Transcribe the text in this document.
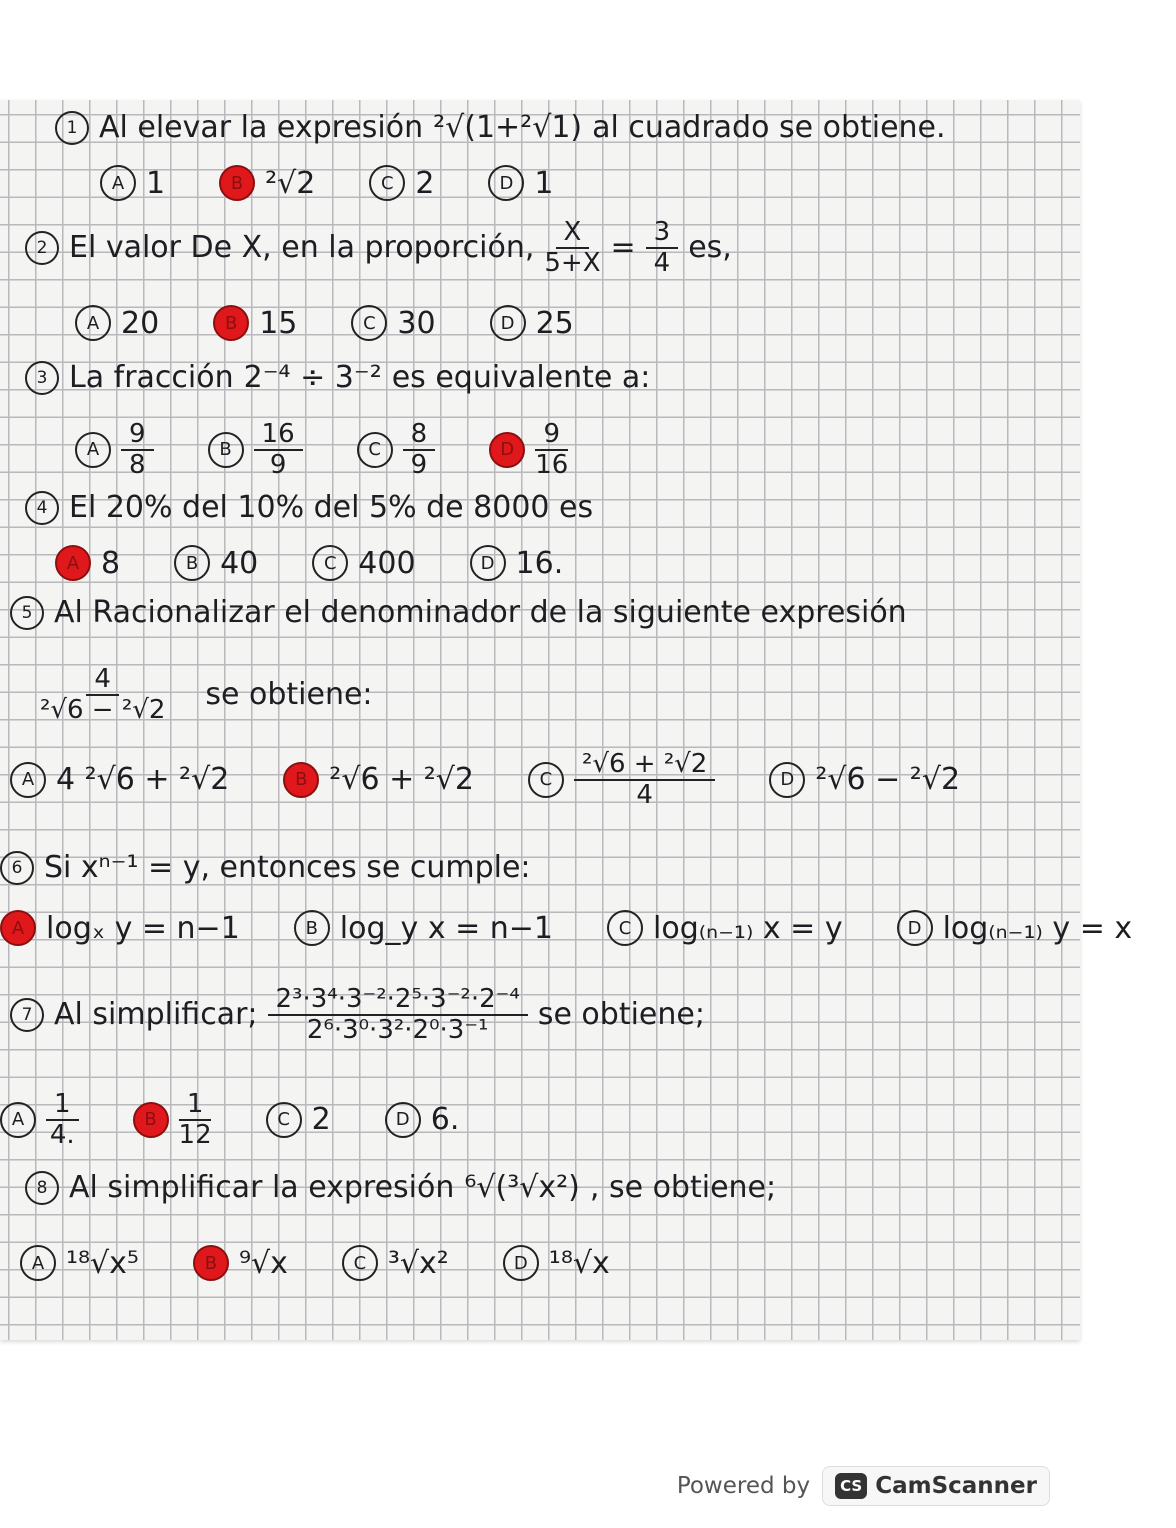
1 Al elevar la expresión ²√(1+²√1) al cuadrado se obtiene.
A 1	B ²√2	C 2	D 1
2 El valor De X, en la proporción, $\frac{X}{5+X} = \frac{3}{4}$ es,
A 20	B 15	C 30	D 25
3 La fracción 2⁻⁴ ÷ 3⁻² es equivalente a:
A $\frac{9}{8}$	B $\frac{16}{9}$	C $\frac{8}{9}$	D $\frac{9}{16}$
4 El 20% del 10% del 5% de 8000 es
A 8	B 40	C 400	D 16.
5 Al Racionalizar el denominador de la siguiente expresión
$\frac{4}{\text{²√6 − ²√2}}$ se obtiene:
A 4 ²√6 + ²√2	B ²√6 + ²√2	C $\frac{\text{²√6 + ²√2}}{4}$	D ²√6 − ²√2
6 Si xⁿ⁻¹ = y, entonces se cumple:
A logₓ y = n−1	B log_y x = n−1	C log₍ₙ₋₁₎ x = y	D log₍ₙ₋₁₎ y = x
7 Al simplificar; $\frac{\text{2³·3⁴·3⁻²·2⁵·3⁻²·2⁻⁴}}{\text{2⁶·3⁰·3²·2⁰·3⁻¹}}$ se obtiene;
A $\frac{1}{4.}$	B $\frac{1}{12}$	C 2	D 6.
8 Al simplificar la expresión ⁶√(³√x²) , se obtiene;
A ¹⁸√x⁵	B ⁹√x	C ³√x²	D ¹⁸√x
Powered by	CS CamScanner
